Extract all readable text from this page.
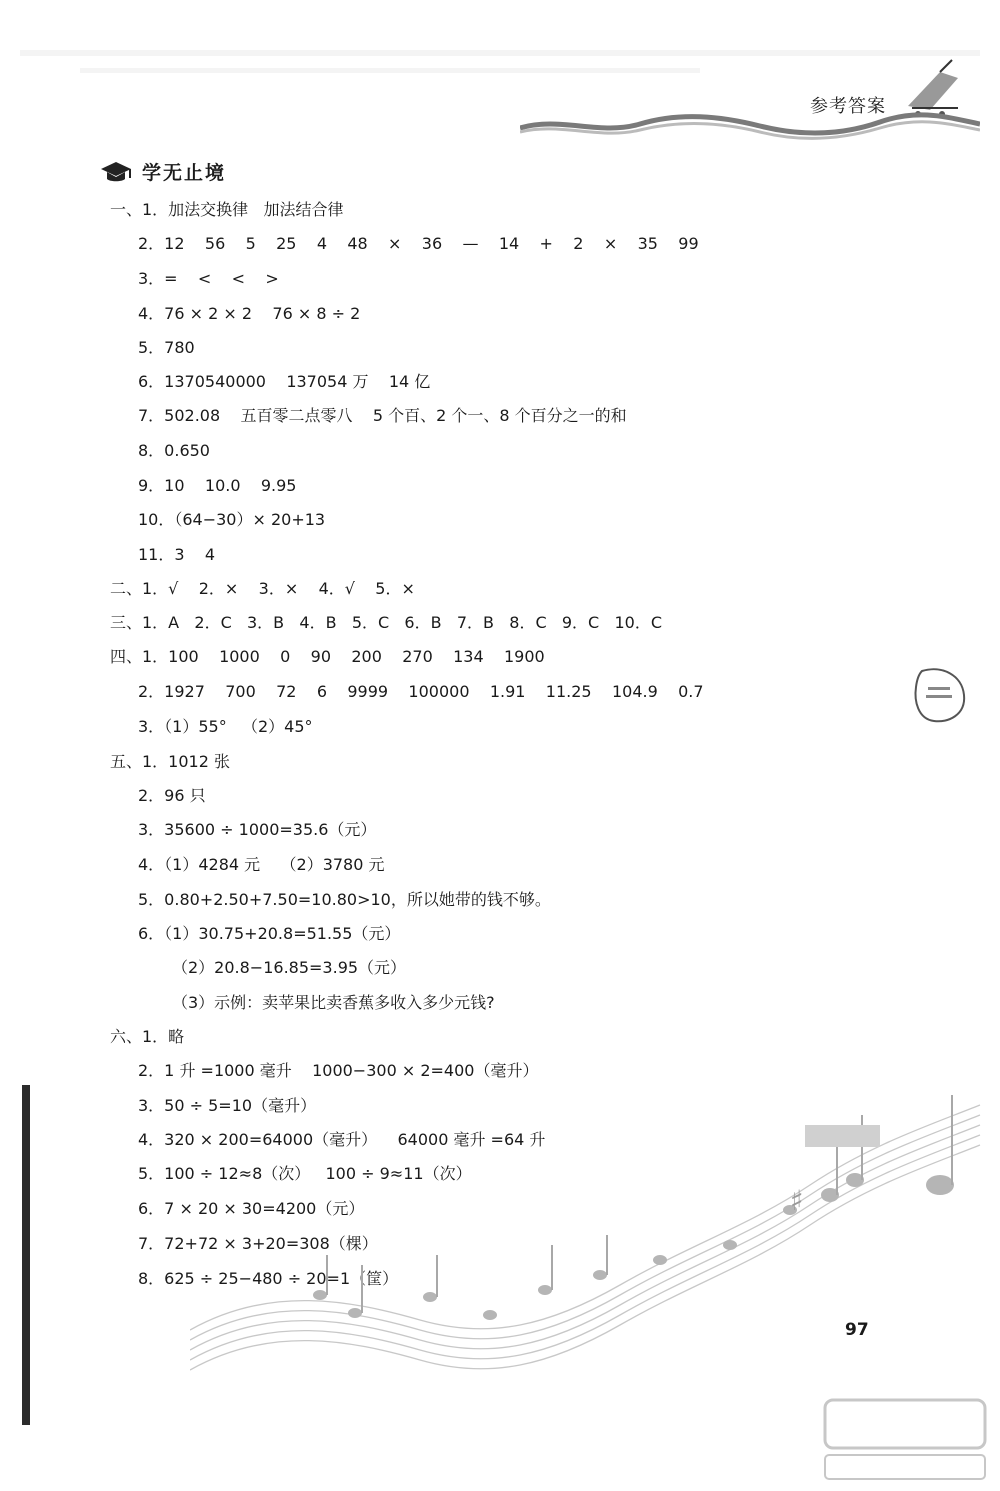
参考答案
学无止境
一、1．加法交换律   加法结合律
2．12    56    5    25    4    48    ×    36    —    14    +    2    ×    35    99
3．=    <    <    >
4．76 × 2 × 2    76 × 8 ÷ 2
5．780
6．1370540000    137054 万    14 亿
7．502.08    五百零二点零八    5 个百、2 个一、8 个百分之一的和
8．0.650
9．10    10.0    9.95
10．（64−30）× 20+13
11．3    4
二、1．√    2．×    3．×    4．√    5．×
三、1．A   2．C   3．B   4．B   5．C   6．B   7．B   8．C   9．C   10．C
四、1．100    1000    0    90    200    270    134    1900
2．1927    700    72    6    9999    100000    1.91    11.25    104.9    0.7
3．（1）55°   （2）45°
五、1．1012 张
2．96 只
3．35600 ÷ 1000=35.6（元）
4．（1）4284 元    （2）3780 元
5．0.80+2.50+7.50=10.80>10，所以她带的钱不够。
6．（1）30.75+20.8=51.55（元）
（2）20.8−16.85=3.95（元）
（3）示例：卖苹果比卖香蕉多收入多少元钱?
六、1．略
2．1 升 =1000 毫升    1000−300 × 2=400（毫升）
3．50 ÷ 5=10（毫升）
4．320 × 200=64000（毫升）    64000 毫升 =64 升
5．100 ÷ 12≈8（次）   100 ÷ 9≈11（次）
6．7 × 20 × 30=4200（元）
7．72+72 × 3+20=308（棵）
8．625 ÷ 25−480 ÷ 20=1（筐）
♯
97
